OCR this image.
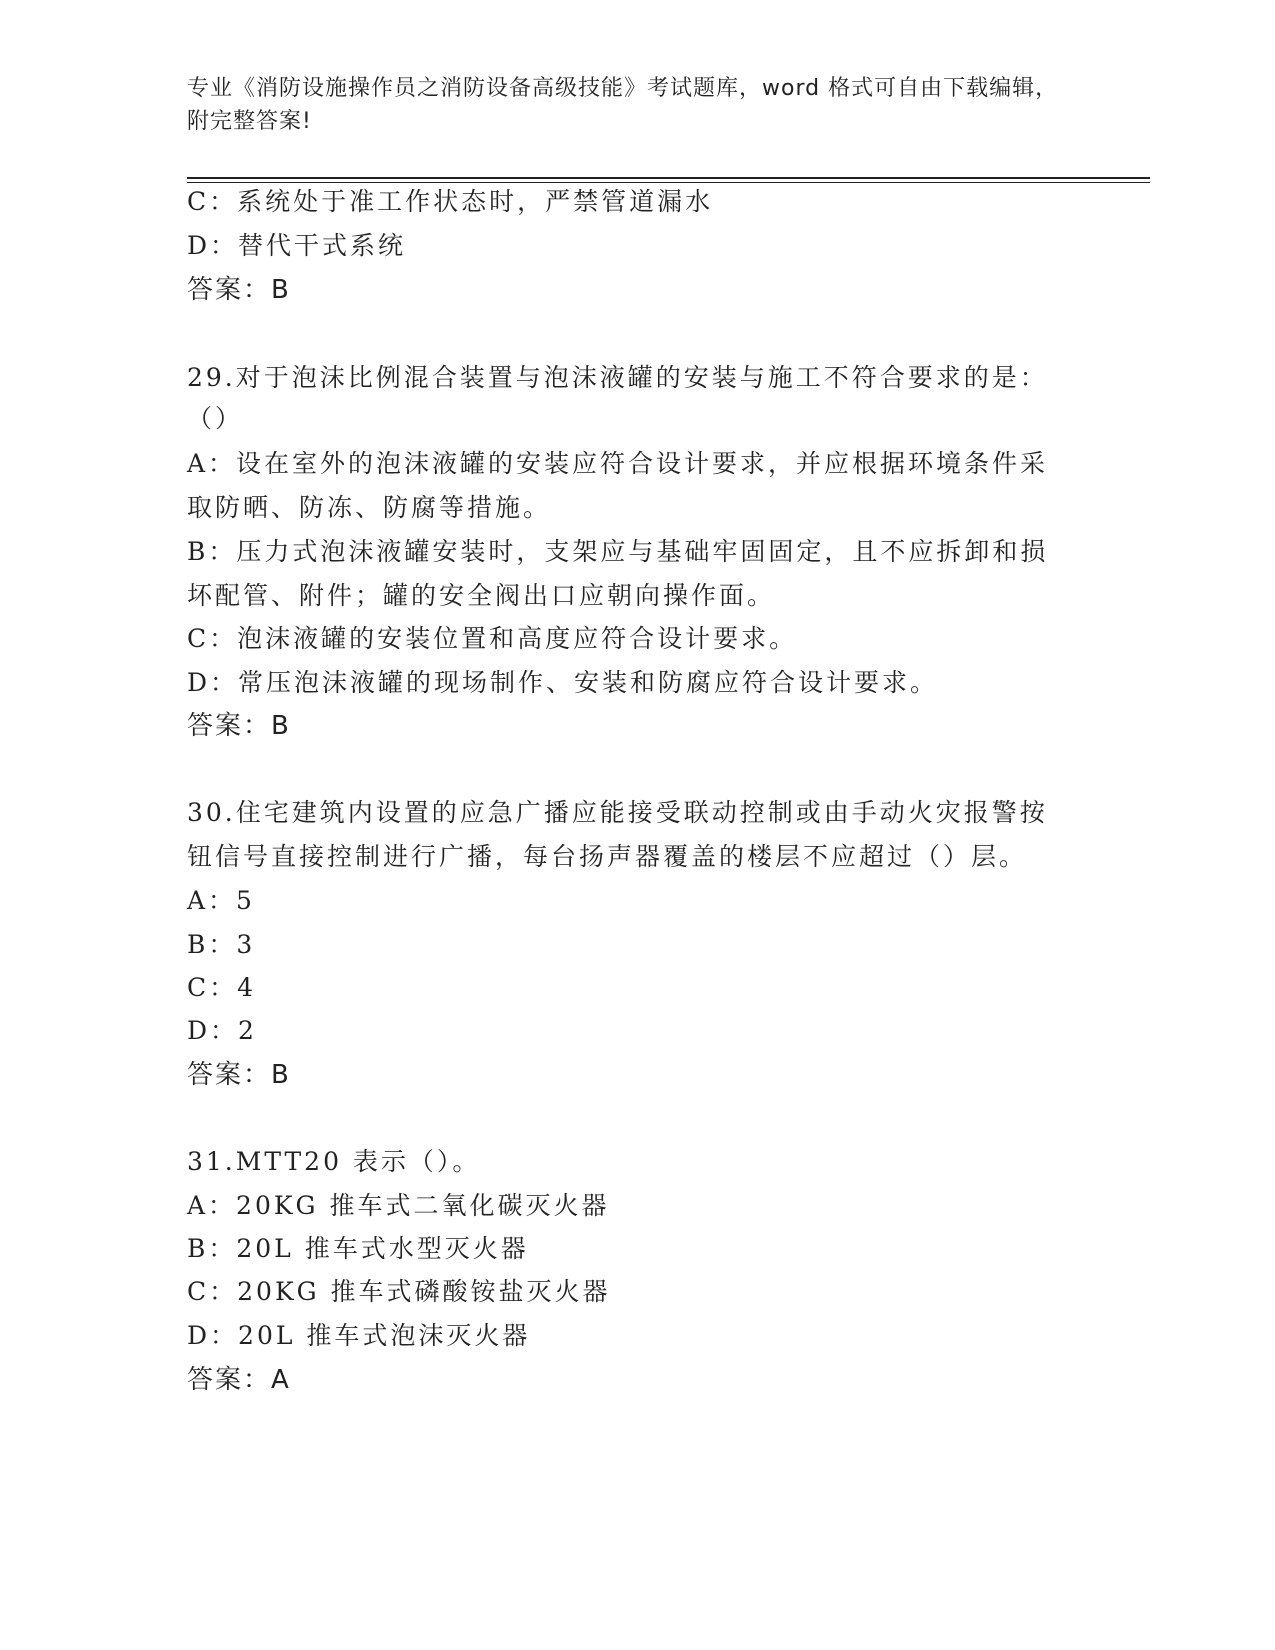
专业《消防设施操作员之消防设备高级技能》考试题库，word 格式可自由下载编辑，附完整答案!
C：系统处于准工作状态时，严禁管道漏水
D：替代干式系统
答案：B
29.对于泡沫比例混合装置与泡沫液罐的安装与施工不符合要求的是：
（）
A：设在室外的泡沫液罐的安装应符合设计要求，并应根据环境条件采
取防晒、防冻、防腐等措施。
B：压力式泡沫液罐安装时，支架应与基础牢固固定，且不应拆卸和损
坏配管、附件；罐的安全阀出口应朝向操作面。
C：泡沫液罐的安装位置和高度应符合设计要求。
D：常压泡沫液罐的现场制作、安装和防腐应符合设计要求。
答案：B
30.住宅建筑内设置的应急广播应能接受联动控制或由手动火灾报警按
钮信号直接控制进行广播，每台扬声器覆盖的楼层不应超过（）层。
A：5
B：3
C：4
D：2
答案：B
31.MTT20 表示（）。
A：20KG 推车式二氧化碳灭火器
B：20L 推车式水型灭火器
C：20KG 推车式磷酸铵盐灭火器
D：20L 推车式泡沫灭火器
答案：A
